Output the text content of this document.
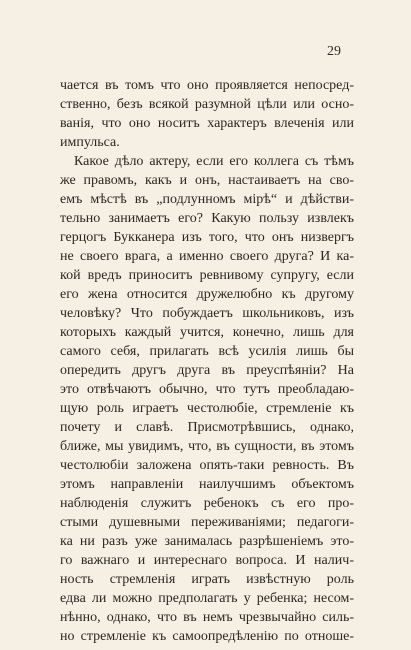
29
чается въ томъ что оно проявляется непосред-
ственно, безъ всякой разумной цѣли или осно-
ванія, что оно носитъ характеръ влеченія или
импульса.
Какое дѣло актеру, если его коллега съ тѣмъ
же правомъ, какъ и онъ, настаиваетъ на сво-
емъ мѣстѣ въ „подлунномъ мірѣ“ и дѣйстви-
тельно занимаетъ его? Какую пользу извлекъ
герцогъ Букканера изъ того, что онъ низвергъ
не своего врага, а именно своего друга? И ка-
кой вредъ приноситъ ревнивому супругу, если
его жена относится дружелюбно къ другому
человѣку? Что побуждаетъ школьниковъ, изъ
которыхъ каждый учится, конечно, лишь для
самого себя, прилагать всѣ усилія лишь бы
опередить другъ друга въ преуспѣяніи? На
это отвѣчаютъ обычно, что тутъ преобладаю-
щую роль играетъ честолюбіе, стремленіе къ
почету и славѣ. Присмотрѣвшись, однако,
ближе, мы увидимъ, что, въ сущности, въ этомъ
честолюбіи заложена опять-таки ревность. Въ
этомъ направленіи наилучшимъ объектомъ
наблюденія служитъ ребенокъ съ его про-
стыми душевными переживаніями; педагоги-
ка ни разъ уже занималась разрѣшеніемъ это-
го важнаго и интереснаго вопроса. И налич-
ность стремленія играть извѣстную роль
едва ли можно предполагать у ребенка; несом-
нѣнно, однако, что въ немъ чрезвычайно силь-
но стремленіе къ самоопредѣленію по отноше-
